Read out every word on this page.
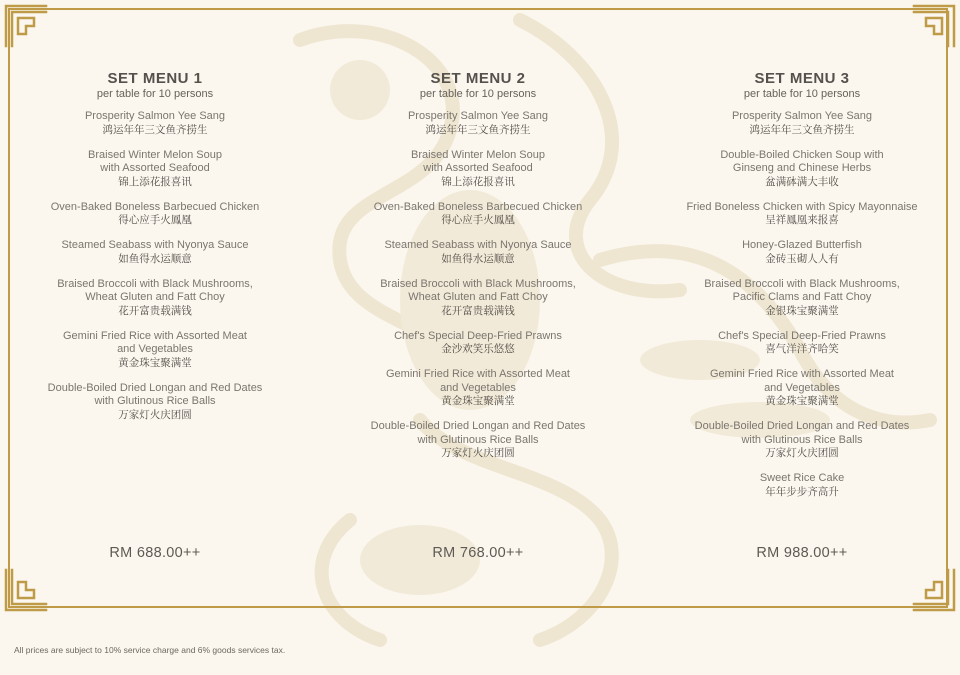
SET MENU 1
per table for 10 persons
Prosperity Salmon Yee Sang
鸿运年年三文鱼齐捞生
Braised Winter Melon Soup
with Assorted Seafood
锦上添花报喜讯
Oven-Baked Boneless Barbecued Chicken
得心应手火鳳凰
Steamed Seabass with Nyonya Sauce
如鱼得水运顺意
Braised Broccoli with Black Mushrooms,
Wheat Gluten and Fatt Choy
花开富贵载满钱
Gemini Fried Rice with Assorted Meat
and Vegetables
黄金珠宝聚满堂
Double-Boiled Dried Longan and Red Dates
with Glutinous Rice Balls
万家灯火庆团圆
SET MENU 2
per table for 10 persons
Prosperity Salmon Yee Sang
鸿运年年三文鱼齐捞生
Braised Winter Melon Soup
with Assorted Seafood
锦上添花报喜讯
Oven-Baked Boneless Barbecued Chicken
得心应手火鳳凰
Steamed Seabass with Nyonya Sauce
如鱼得水运顺意
Braised Broccoli with Black Mushrooms,
Wheat Gluten and Fatt Choy
花开富贵载满钱
Chef's Special Deep-Fried Prawns
金沙欢笑乐悠悠
Gemini Fried Rice with Assorted Meat
and Vegetables
黄金珠宝聚满堂
Double-Boiled Dried Longan and Red Dates
with Glutinous Rice Balls
万家灯火庆团圆
SET MENU 3
per table for 10 persons
Prosperity Salmon Yee Sang
鸿运年年三文鱼齐捞生
Double-Boiled Chicken Soup with
Ginseng and Chinese Herbs
盆满砵满大丰收
Fried Boneless Chicken with Spicy Mayonnaise
呈祥鳳凰来报喜
Honey-Glazed Butterfish
金砖玉砌人人有
Braised Broccoli with Black Mushrooms,
Pacific Clams and Fatt Choy
金银珠宝聚满堂
Chef's Special Deep-Fried Prawns
喜气洋洋齐哈笑
Gemini Fried Rice with Assorted Meat
and Vegetables
黄金珠宝聚满堂
Double-Boiled Dried Longan and Red Dates
with Glutinous Rice Balls
万家灯火庆团圆
Sweet Rice Cake
年年步步齐高升
RM 688.00++	RM 768.00++	RM 988.00++
All prices are subject to 10% service charge and 6% goods services tax.
